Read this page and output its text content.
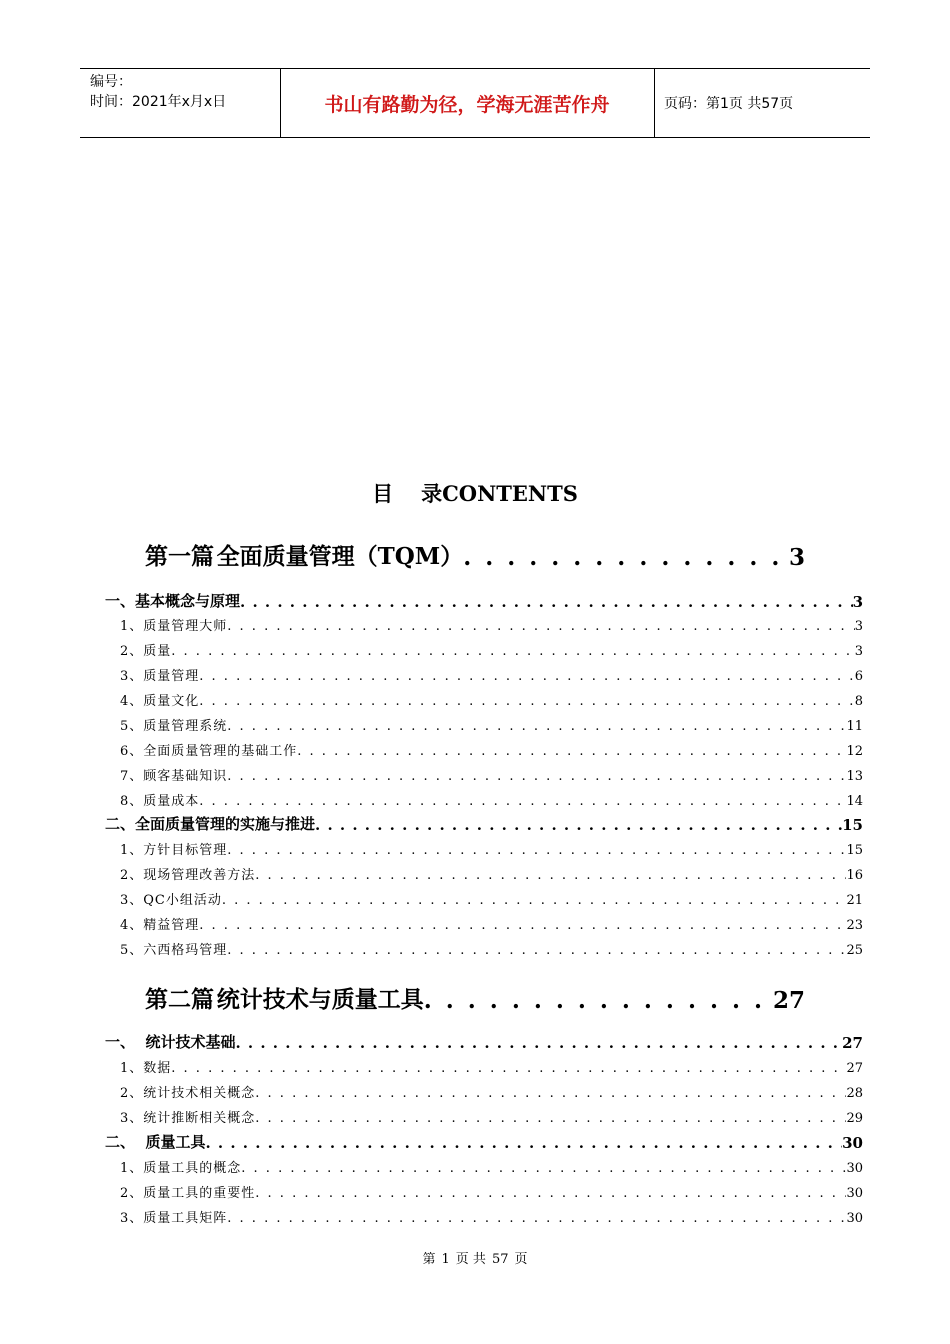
编号：
时间：2021年x月x日	书山有路勤为径，学海无涯苦作舟	页码：第1页 共57页
目 录CONTENTS
第一篇 全面质量管理（TQM） . . .	3
一、基本概念与原理 . . .	3
1、质量管理大师 . . .	3
2、质量 . . .	3
3、质量管理 . . .	6
4、质量文化 . . .	8
5、质量管理系统 . . .	11
6、全面质量管理的基础工作 . . .	12
7、顾客基础知识 . . .	13
8、质量成本 . . .	14
二、全面质量管理的实施与推进 . . .	15
1、方针目标管理 . . .	15
2、现场管理改善方法 . . .	16
3、QC小组活动 . . .	21
4、精益管理 . . .	23
5、六西格玛管理 . . .	25
第二篇 统计技术与质量工具 . . .	27
一、  统计技术基础 . . .	27
1、数据 . . .	27
2、统计技术相关概念 . . .	28
3、统计推断相关概念 . . .	29
二、  质量工具 . . .	30
1、质量工具的概念 . . .	30
2、质量工具的重要性 . . .	30
3、质量工具矩阵 . . .	30
第 1 页 共 57 页
